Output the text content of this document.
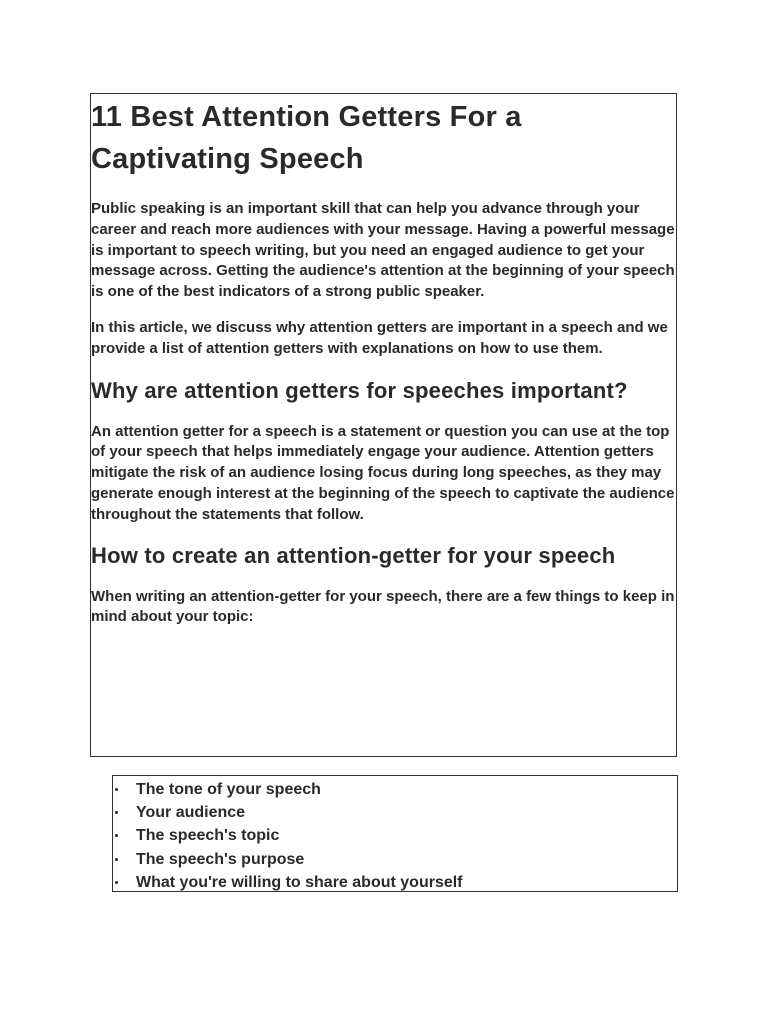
11 Best Attention Getters For a Captivating Speech

Public speaking is an important skill that can help you advance through your career and reach more audiences with your message. Having a powerful message is important to speech writing, but you need an engaged audience to get your message across. Getting the audience's attention at the beginning of your speech is one of the best indicators of a strong public speaker.

In this article, we discuss why attention getters are important in a speech and we provide a list of attention getters with explanations on how to use them.

Why are attention getters for speeches important?

An attention getter for a speech is a statement or question you can use at the top of your speech that helps immediately engage your audience. Attention getters mitigate the risk of an audience losing focus during long speeches, as they may generate enough interest at the beginning of the speech to captivate the audience throughout the statements that follow.

How to create an attention-getter for your speech

When writing an attention-getter for your speech, there are a few things to keep in mind about your topic:

The tone of your speech
Your audience
The speech's topic
The speech's purpose
What you're willing to share about yourself
